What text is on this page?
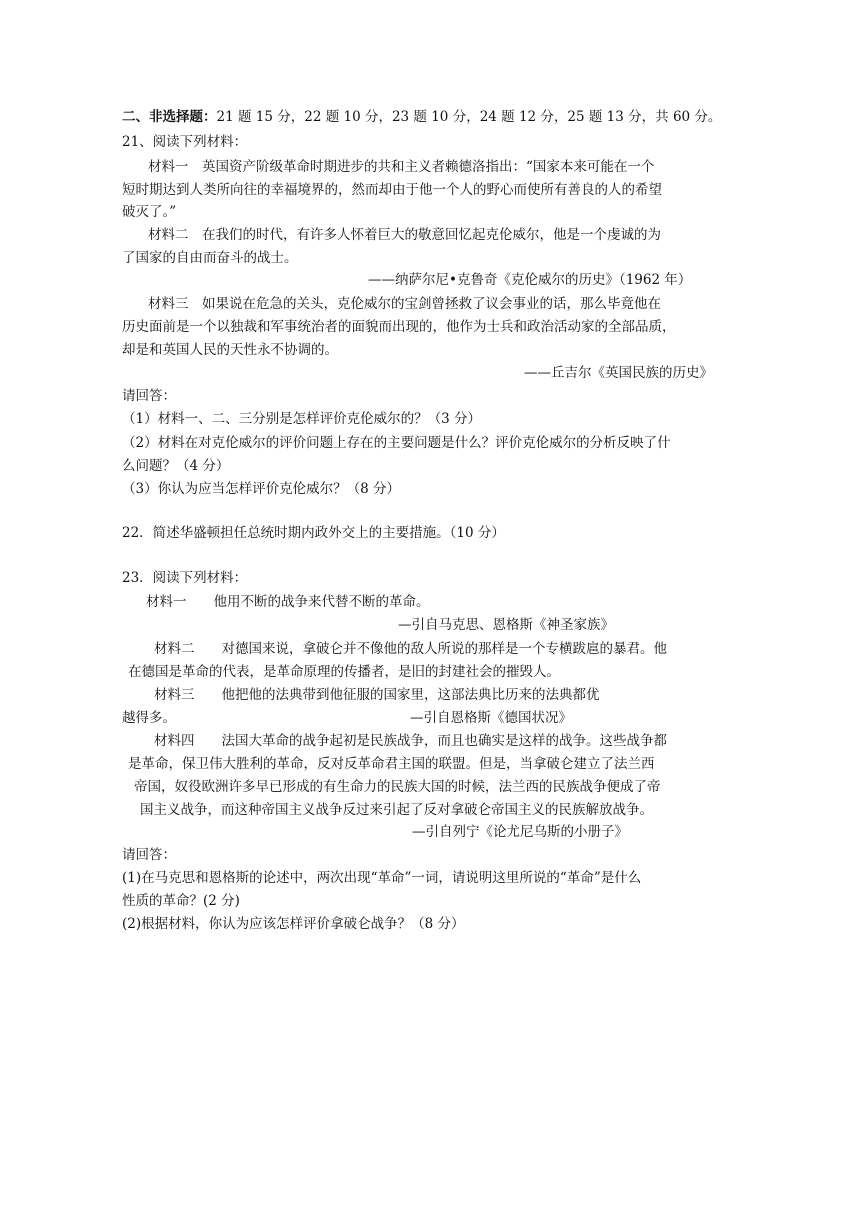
二、非选择题：21 题 15 分，22 题 10 分，23 题 10 分，24 题 12 分，25 题 13 分，共 60 分。
21、阅读下列材料：
材料一　英国资产阶级革命时期进步的共和主义者赖德洛指出：“国家本来可能在一个
短时期达到人类所向往的幸福境界的，然而却由于他一个人的野心而使所有善良的人的希望
破灭了。”
材料二　在我们的时代，有许多人怀着巨大的敬意回忆起克伦威尔，他是一个虔诚的为
了国家的自由而奋斗的战士。
——纳萨尔尼•克鲁奇《克伦威尔的历史》（1962 年）
材料三　如果说在危急的关头，克伦威尔的宝剑曾拯救了议会事业的话，那么毕竟他在
历史面前是一个以独裁和军事统治者的面貌而出现的，他作为士兵和政治活动家的全部品质，
却是和英国人民的天性永不协调的。
——丘吉尔《英国民族的历史》
请回答：
（1）材料一、二、三分别是怎样评价克伦威尔的？（3 分）
（2）材料在对克伦威尔的评价问题上存在的主要问题是什么？评价克伦威尔的分析反映了什
么问题？（4 分）
（3）你认为应当怎样评价克伦威尔？（8 分）
22．简述华盛顿担任总统时期内政外交上的主要措施。（10 分）
23．阅读下列材料：
材料一　　他用不断的战争来代替不断的革命。
—引自马克思、恩格斯《神圣家族》
材料二　　对德国来说，拿破仑并不像他的敌人所说的那样是一个专横跋扈的暴君。他
在德国是革命的代表，是革命原理的传播者，是旧的封建社会的摧毁人。
材料三　　他把他的法典带到他征服的国家里，这部法典比历来的法典都优
越得多。	—引自恩格斯《德国状况》
材料四　　法国大革命的战争起初是民族战争，而且也确实是这样的战争。这些战争都
是革命，保卫伟大胜利的革命，反对反革命君主国的联盟。但是，当拿破仑建立了法兰西
帝国，奴役欧洲许多早已形成的有生命力的民族大国的时候，法兰西的民族战争便成了帝
国主义战争，而这种帝国主义战争反过来引起了反对拿破仑帝国主义的民族解放战争。
—引自列宁《论尤尼乌斯的小册子》
请回答：
(1)在马克思和恩格斯的论述中，两次出现“革命”一词，请说明这里所说的“革命”是什么
性质的革命？(2 分)
(2)根据材料，你认为应该怎样评价拿破仑战争？（8 分）
